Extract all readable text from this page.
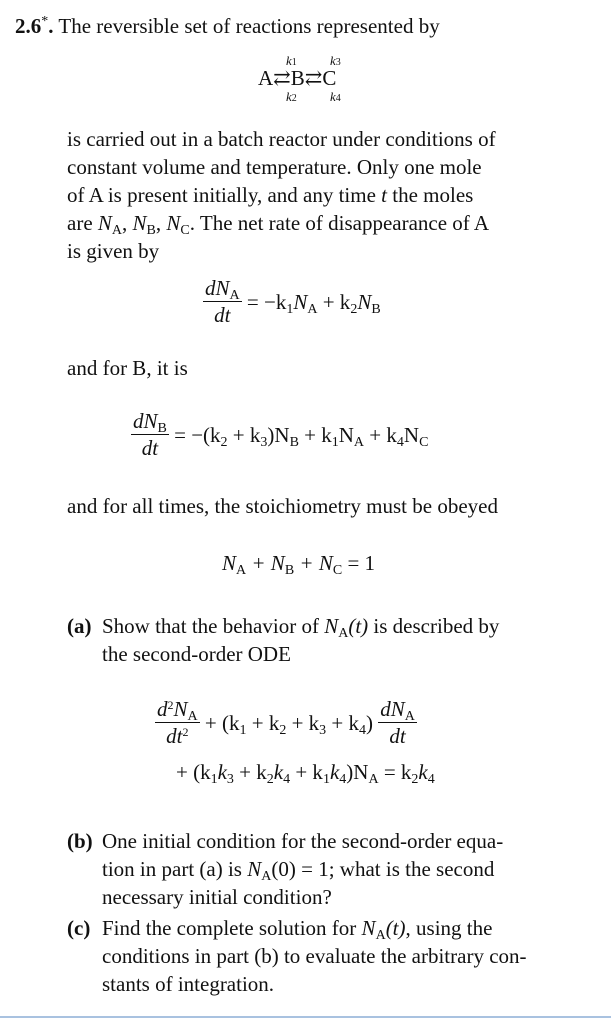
2.6*. The reversible set of reactions represented by
k1	k3
A⇄B⇄C
k2	k4
is carried out in a batch reactor under conditions of
constant volume and temperature. Only one mole
of A is present initially, and any time t the moles
are $N_A$, $N_B$, $N_C$. The net rate of disappearance of A
is given by
$\frac{\text{dNA}}{dt} = -k1NA + k2NB$
and for B, it is
$\frac{\text{dNB}}{dt} = -(k2 + k3)NB + k1NA + k4NC$
and for all times, the stoichiometry must be obeyed
NA + NB + NC = 1
(a) Show that the behavior of NA(t) is described by
the second-order ODE
$\frac{d^2NA}{dt^2} + (k1 + k2 + k3 + k4) \frac{\text{dNA}}{dt}$
+ (k1k3 + k2k4 + k1k4)NA = k2k4
(b) One initial condition for the second-order equa-
tion in part (a) is NA(0) = 1; what is the second
necessary initial condition?
(c) Find the complete solution for NA(t), using the
conditions in part (b) to evaluate the arbitrary con-
stants of integration.
